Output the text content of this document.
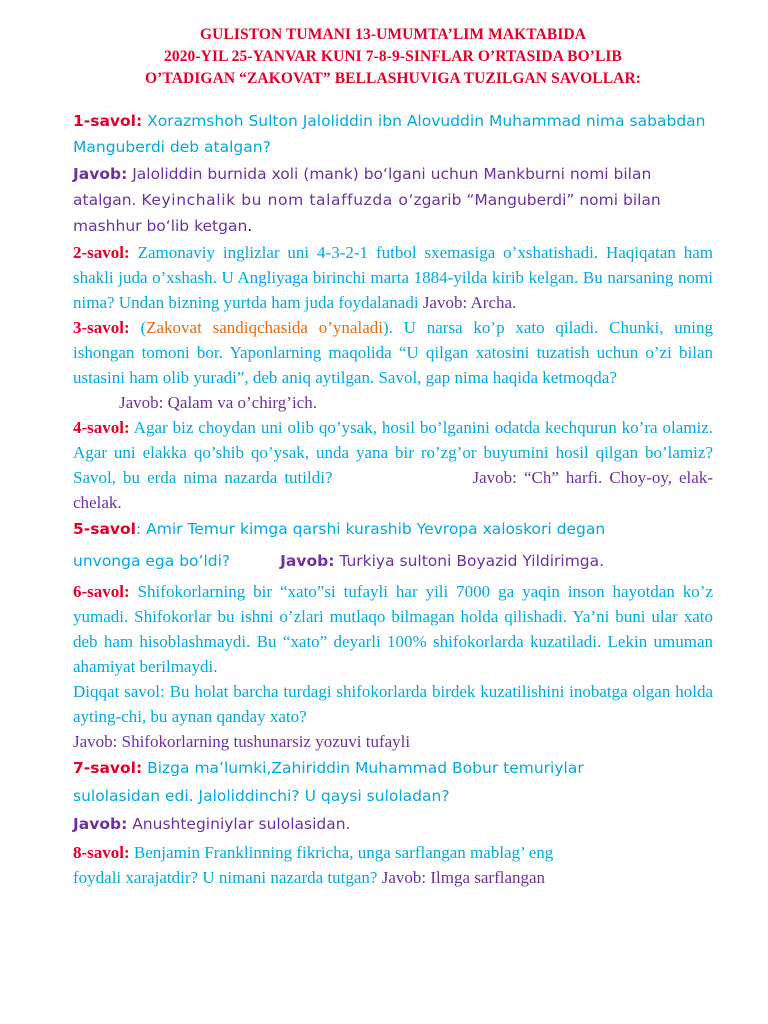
GULISTON TUMANI 13-UMUMTA’LIM MAKTABIDA
2020-YIL 25-YANVAR KUNI 7-8-9-SINFLAR O’RTASIDA BO’LIB
O’TADIGAN “ZAKOVAT” BELLASHUVIGA TUZILGAN SAVOLLAR:

1-savol: Xorazmshoh Sulton Jaloliddin ibn Alovuddin Muhammad nima sababdan Manguberdi deb atalgan?

Javob: Jaloliddin burnida xoli (mank) bo‘lgani uchun Mankburni nomi bilan atalgan. Keyinchalik bu nom talaffuzda o‘zgarib “Manguberdi” nomi bilan mashhur bo‘lib ketgan.

2-savol: Zamonaviy inglizlar uni 4-3-2-1 futbol sxemasiga o’xshatishadi. Haqiqatan ham shakli juda o’xshash. U Angliyaga birinchi marta 1884-yilda kirib kelgan. Bu narsaning nomi nima? Undan bizning yurtda ham juda foydalanadi Javob: Archa.

3-savol: (Zakovat sandiqchasida o’ynaladi). U narsa ko’p xato qiladi. Chunki, uning ishongan tomoni bor. Yaponlarning maqolida “U qilgan xatosini tuzatish uchun o’zi bilan ustasini ham olib yuradi”, deb aniq aytilgan. Savol, gap nima haqida ketmoqda?

Javob: Qalam va o’chirg’ich.

4-savol: Agar biz choydan uni olib qo’ysak, hosil bo’lganini odatda kechqurun ko’ra olamiz. Agar uni elakka qo’shib qo’ysak, unda yana bir ro’zg’or buyumini hosil qilgan bo’lamiz? Savol, bu erda nima nazarda tutildi?	Javob: “Ch” harfi. Choy-oy, elak-chelak.

5-savol: Amir Temur kimga qarshi kurashib Yevropa xaloskori degan

unvonga ega bo’ldi?	Javob: Turkiya sultoni Boyazid Yildirimga.

6-savol: Shifokorlarning bir “xato”si tufayli har yili 7000 ga yaqin inson hayotdan ko’z yumadi. Shifokorlar bu ishni o’zlari mutlaqo bilmagan holda qilishadi. Ya’ni buni ular xato deb ham hisoblashmaydi. Bu “xato” deyarli 100% shifokorlarda kuzatiladi. Lekin umuman ahamiyat berilmaydi.

Diqqat savol: Bu holat barcha turdagi shifokorlarda birdek kuzatilishini inobatga olgan holda ayting-chi, bu aynan qanday xato?

Javob: Shifokorlarning tushunarsiz yozuvi tufayli

7-savol: Bizga ma’lumki,Zahiriddin Muhammad Bobur temuriylar

sulolasidan edi. Jaloliddinchi? U qaysi suloladan?

Javob: Anushteginiylar sulolasidan.

8-savol: Benjamin Franklinning fikricha, unga sarflangan mablag’ eng

foydali xarajatdir? U nimani nazarda tutgan? Javob: Ilmga sarflangan
